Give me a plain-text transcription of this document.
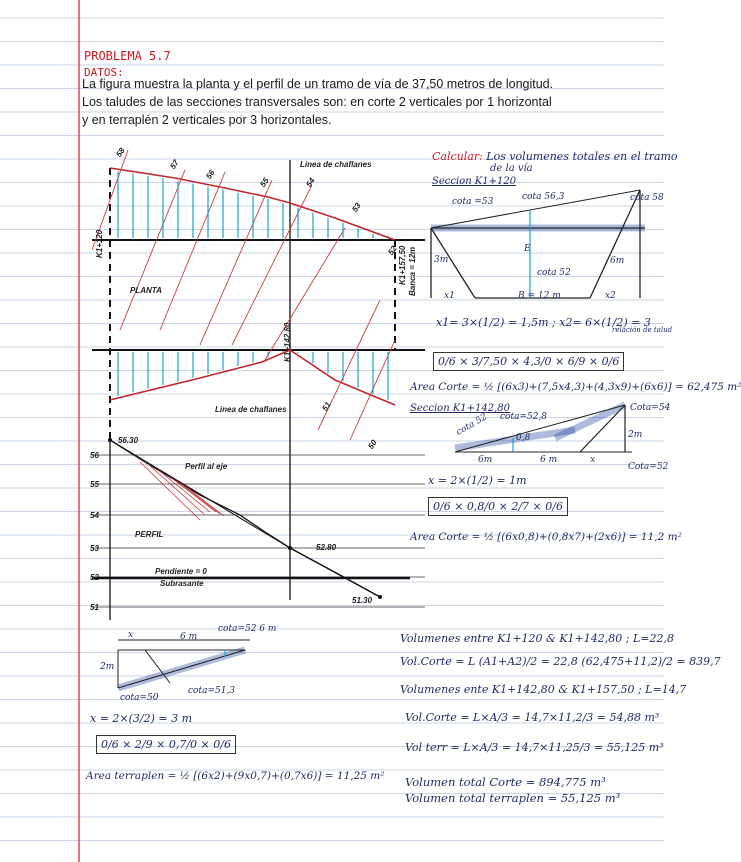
PROBLEMA 5.7
DATOS:
La figura muestra la planta y el perfil de un tramo de vía de 37,50 metros de longitud.
Los taludes de las secciones transversales son: en corte 2 verticales por 1 horizontal
y en terraplén 2 verticales por 3 horizontales.
Línea de chaflanes
Línea de chaflanes
PLANTA
Perfil al eje
PERFIL
Pendiente = 0
Subrasante
56.30
52.80
51.30
K1+120
K1+142.80
K1+157,50 Banca = 12m
58
57
56
55	54
53
52
51
50
56
55
54
53
52
51
Calcular: Los volumenes totales en el tramo
de la vía
Seccion K1+120
cota =53	cota 56,3	cota 58
3m	6m
cota 52
E
x1	B = 12 m	x2
x1= 3×(1/2) = 1,5m ; x2= 6×(1/2) = 3
relación de talud
0/6 × 3/7,50 × 4,3/0 × 6/9 × 0/6
Area Corte = ½ [(6x3)+(7,5x4,3)+(4,3x9)+(6x6)] = 62,475 m²
Seccion K1+142,80
cota 52 cota=52,8
Cota=54
2m
0,8
6m	6 m	x
Cota=52
x = 2×(1/2) = 1m
0/6 × 0,8/0 × 2/7 × 0/6
Area Corte = ½ [(6x0,8)+(0,8x7)+(2x6)] = 11,2 m²
x	6 m
cota=52 6 m
2m
cota=50
cota=51,3
x = 2×(3/2) = 3 m
0/6 × 2/9 × 0,7/0 × 0/6
Area terraplen = ½ [(6x2)+(9x0,7)+(0,7x6)] = 11,25 m²
Volumenes entre K1+120 & K1+142,80 ; L=22,8
Vol.Corte = L (A1+A2)/2 = 22,8 (62,475+11,2)/2 = 839,7
Volumenes ente K1+142,80 & K1+157,50 ; L=14,7
Vol.Corte = L×A/3 = 14,7×11,2/3 = 54,88 m³
Vol terr = L×A/3 = 14,7×11,25/3 = 55,125 m³
Volumen total Corte = 894,775 m³
Volumen total terraplen = 55,125 m³
